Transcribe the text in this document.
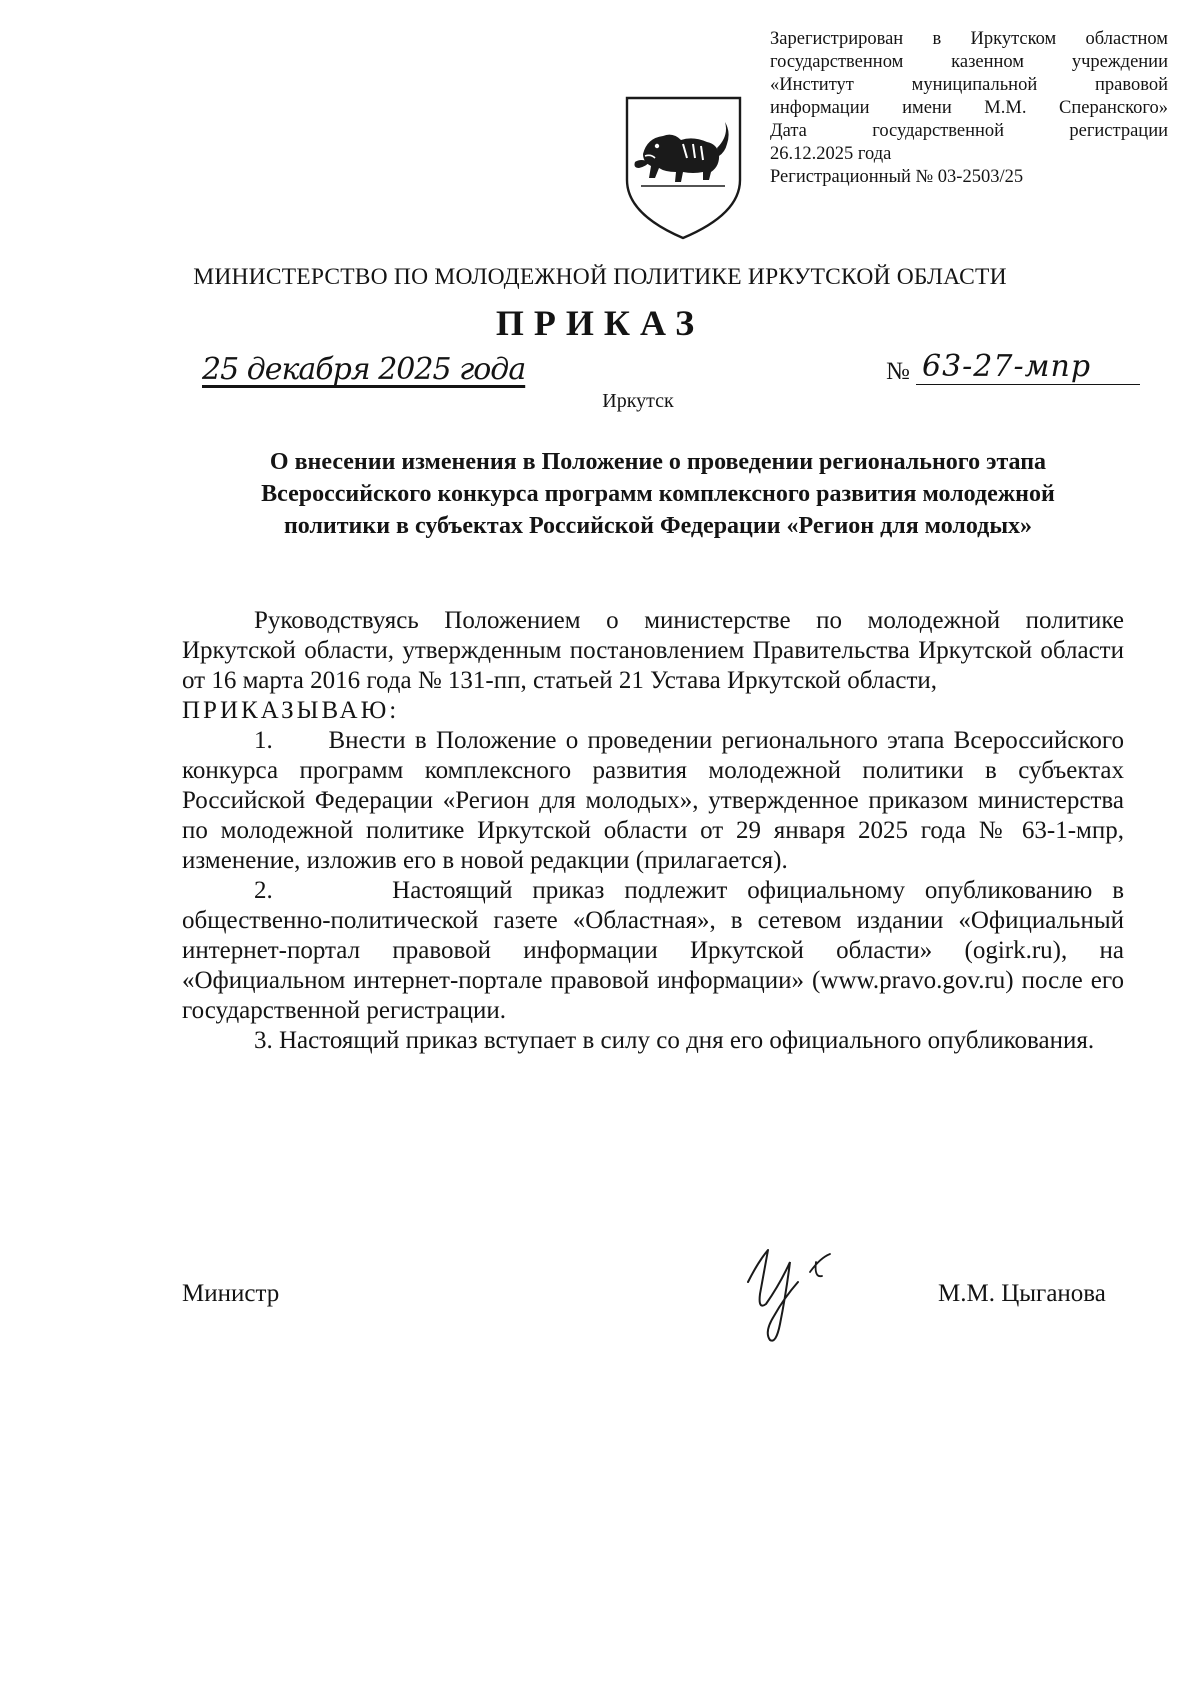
Зарегистрирован в Иркутском областном
государственном казенном учреждении
«Институт муниципальной правовой
информации имени М.М. Сперанского»
Дата государственной регистрации
26.12.2025 года
Регистрационный № 03-2503/25
МИНИСТЕРСТВО ПО МОЛОДЕЖНОЙ ПОЛИТИКЕ ИРКУТСКОЙ ОБЛАСТИ
ПРИКАЗ
25 декабря 2025 года	№ 63-27-мпр
Иркутск
О внесении изменения в Положение о проведении регионального этапа
Всероссийского конкурса программ комплексного развития молодежной
политики в субъектах Российской Федерации «Регион для молодых»
Руководствуясь Положением о министерстве по молодежной политике Иркутской области, утвержденным постановлением Правительства Иркутской области от 16 марта 2016 года № 131-пп, статьей 21 Устава Иркутской области,
ПРИКАЗЫВАЮ:
1.      Внести в Положение о проведении регионального этапа Всероссийского конкурса программ комплексного развития молодежной политики в субъектах Российской Федерации «Регион для молодых», утвержденное приказом министерства по молодежной политике Иркутской области от 29 января 2025 года № 63-1-мпр, изменение, изложив его в новой редакции (прилагается).
2.      Настоящий приказ подлежит официальному опубликованию в общественно-политической газете «Областная», в сетевом издании «Официальный интернет-портал правовой информации Иркутской области» (ogirk.ru), на «Официальном интернет-портале правовой информации» (www.pravo.gov.ru) после его государственной регистрации.
3. Настоящий приказ вступает в силу со дня его официального опубликования.
Министр	М.М. Цыганова
